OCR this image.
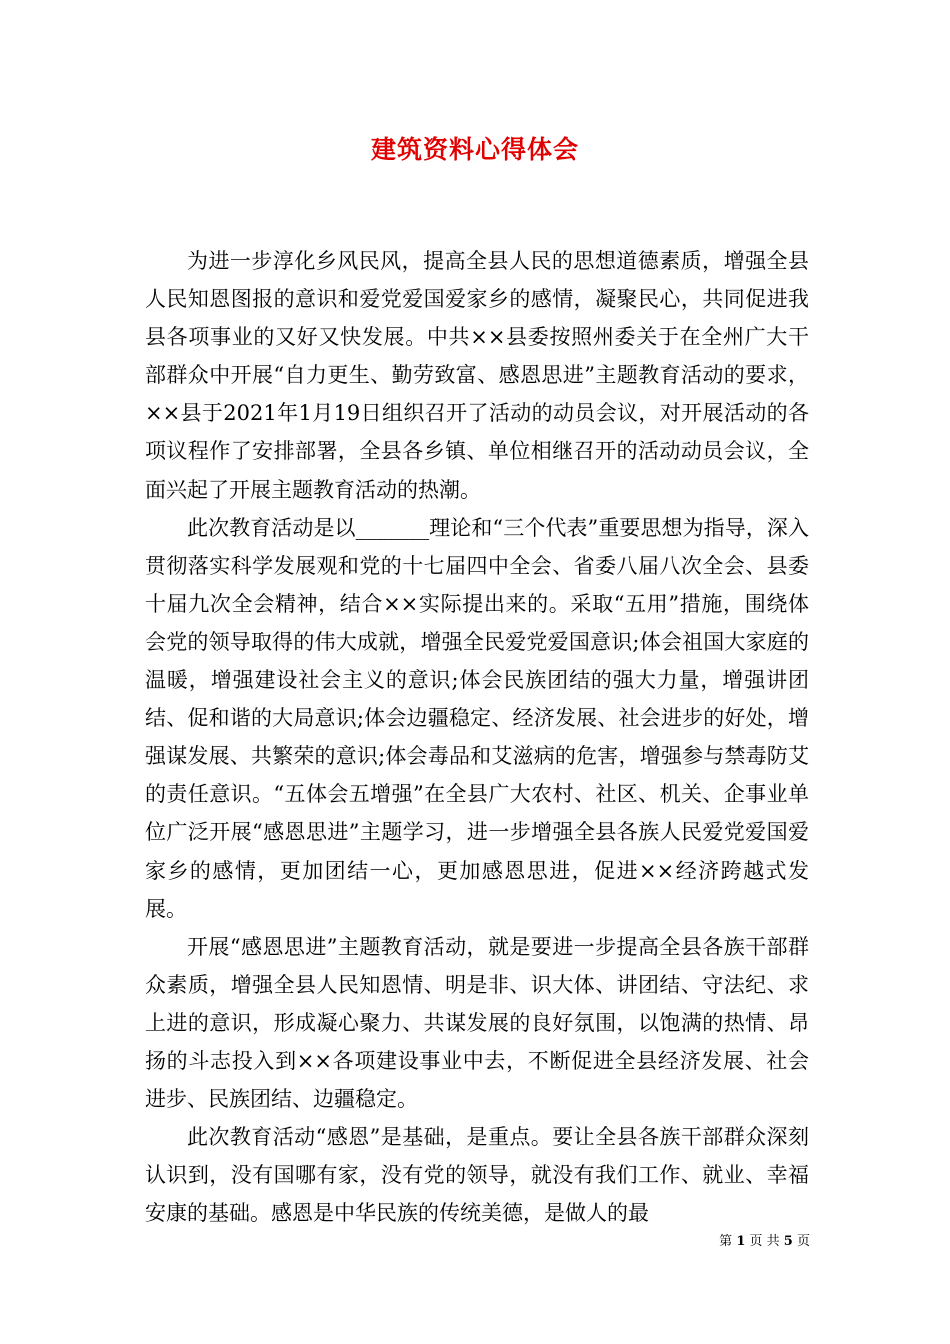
建筑资料心得体会

为进一步淳化乡风民风，提高全县人民的思想道德素质，增强全县人民知恩图报的意识和爱党爱国爱家乡的感情，凝聚民心，共同促进我县各项事业的又好又快发展。中共××县委按照州委关于在全州广大干部群众中开展“自力更生、勤劳致富、感恩思进”主题教育活动的要求，××县于2021年1月19日组织召开了活动的动员会议，对开展活动的各项议程作了安排部署，全县各乡镇、单位相继召开的活动动员会议，全面兴起了开展主题教育活动的热潮。

此次教育活动是以_______理论和“三个代表”重要思想为指导，深入贯彻落实科学发展观和党的十七届四中全会、省委八届八次全会、县委十届九次全会精神，结合××实际提出来的。采取“五用”措施，围绕体会党的领导取得的伟大成就，增强全民爱党爱国意识;体会祖国大家庭的温暖，增强建设社会主义的意识;体会民族团结的强大力量，增强讲团结、促和谐的大局意识;体会边疆稳定、经济发展、社会进步的好处，增强谋发展、共繁荣的意识;体会毒品和艾滋病的危害，增强参与禁毒防艾的责任意识。“五体会五增强”在全县广大农村、社区、机关、企事业单位广泛开展“感恩思进”主题学习，进一步增强全县各族人民爱党爱国爱家乡的感情，更加团结一心，更加感恩思进，促进××经济跨越式发展。

开展“感恩思进”主题教育活动，就是要进一步提高全县各族干部群众素质，增强全县人民知恩情、明是非、识大体、讲团结、守法纪、求上进的意识，形成凝心聚力、共谋发展的良好氛围，以饱满的热情、昂扬的斗志投入到××各项建设事业中去，不断促进全县经济发展、社会进步、民族团结、边疆稳定。

此次教育活动“感恩”是基础，是重点。要让全县各族干部群众深刻认识到，没有国哪有家，没有党的领导，就没有我们工作、就业、幸福安康的基础。感恩是中华民族的传统美德，是做人的最

第 1 页 共 5 页
